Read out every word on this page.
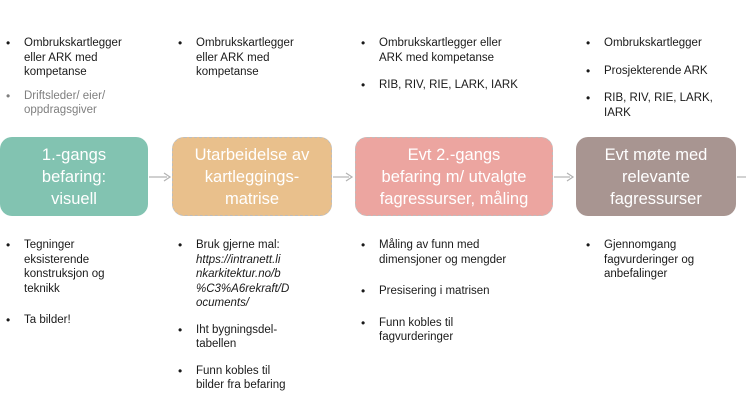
• Ombrukskartlegger
eller ARK med
kompetanse
• Driftsleder/ eier/
oppdragsgiver
1.-gangs
befaring:
visuell
• Tegninger
eksisterende
konstruksjon og
teknikk
• Ta bilder!
• Ombrukskartlegger
eller ARK med
kompetanse
Utarbeidelse av
kartleggings-
matrise
• Bruk gjerne mal:
https://intranett.li
nkarkitektur.no/b
%C3%A6rekraft/D
ocuments/
• Iht bygningsdel-
tabellen
• Funn kobles til
bilder fra befaring
• Ombrukskartlegger eller
ARK med kompetanse
• RIB, RIV, RIE, LARK, IARK
Evt 2.-gangs
befaring m/ utvalgte
fagressurser, måling
• Måling av funn med
dimensjoner og mengder
• Presisering i matrisen
• Funn kobles til
fagvurderinger
• Ombrukskartlegger
• Prosjekterende ARK
• RIB, RIV, RIE, LARK,
IARK
Evt møte med
relevante
fagressurser
• Gjennomgang
fagvurderinger og
anbefalinger
